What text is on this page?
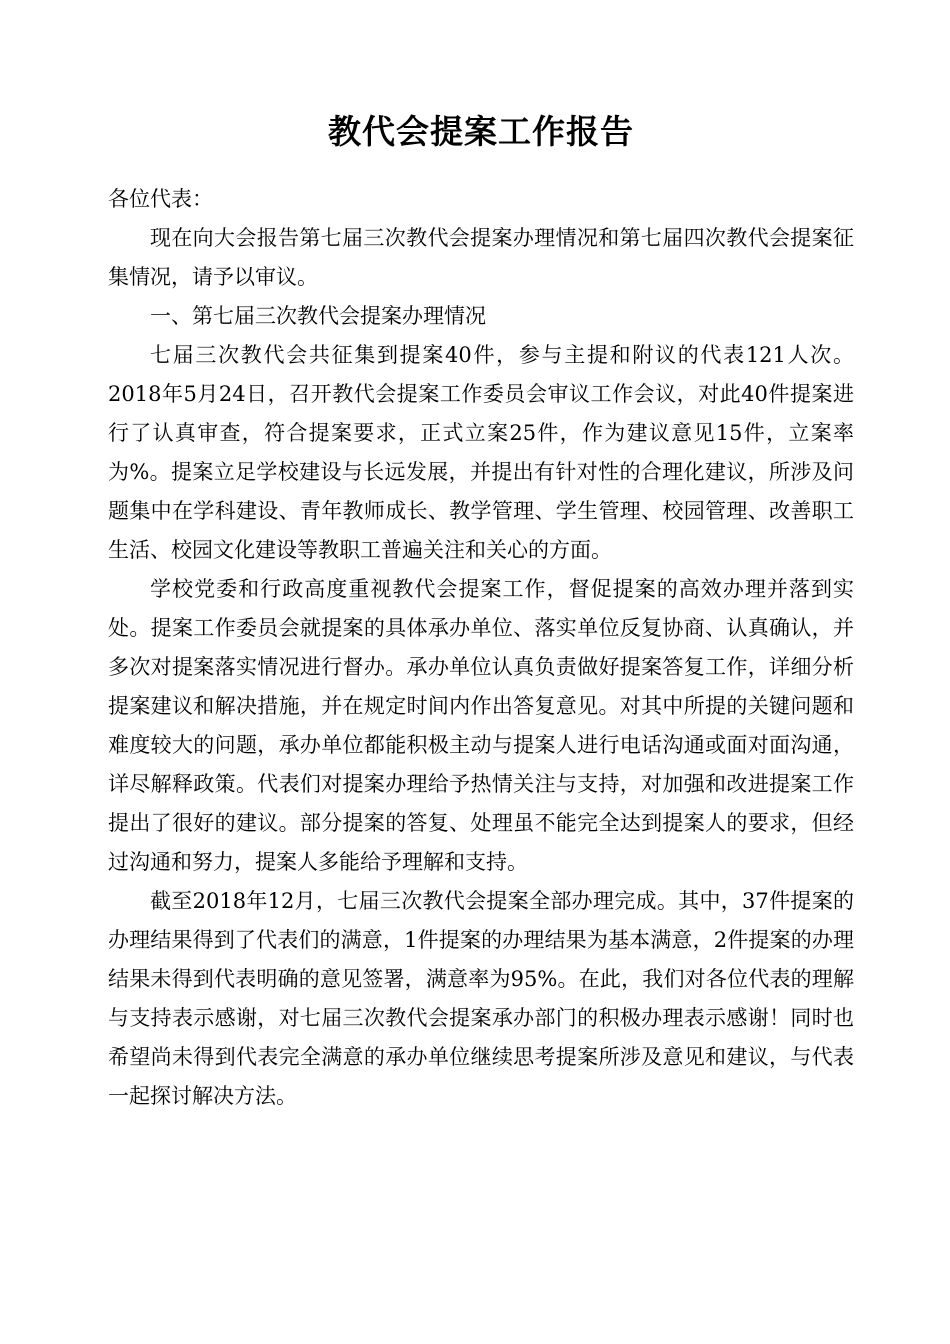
教代会提案工作报告

各位代表：

现在向大会报告第七届三次教代会提案办理情况和第七届四次教代会提案征集情况，请予以审议。

一、第七届三次教代会提案办理情况

七届三次教代会共征集到提案40件，参与主提和附议的代表121人次。2018年5月24日，召开教代会提案工作委员会审议工作会议，对此40件提案进行了认真审查，符合提案要求，正式立案25件，作为建议意见15件，立案率为%。提案立足学校建设与长远发展，并提出有针对性的合理化建议，所涉及问题集中在学科建设、青年教师成长、教学管理、学生管理、校园管理、改善职工生活、校园文化建设等教职工普遍关注和关心的方面。

学校党委和行政高度重视教代会提案工作，督促提案的高效办理并落到实处。提案工作委员会就提案的具体承办单位、落实单位反复协商、认真确认，并多次对提案落实情况进行督办。承办单位认真负责做好提案答复工作，详细分析提案建议和解决措施，并在规定时间内作出答复意见。对其中所提的关键问题和难度较大的问题，承办单位都能积极主动与提案人进行电话沟通或面对面沟通，详尽解释政策。代表们对提案办理给予热情关注与支持，对加强和改进提案工作提出了很好的建议。部分提案的答复、处理虽不能完全达到提案人的要求，但经过沟通和努力，提案人多能给予理解和支持。

截至2018年12月，七届三次教代会提案全部办理完成。其中，37件提案的办理结果得到了代表们的满意，1件提案的办理结果为基本满意，2件提案的办理结果未得到代表明确的意见签署，满意率为95%。在此，我们对各位代表的理解与支持表示感谢，对七届三次教代会提案承办部门的积极办理表示感谢！同时也希望尚未得到代表完全满意的承办单位继续思考提案所涉及意见和建议，与代表一起探讨解决方法。
